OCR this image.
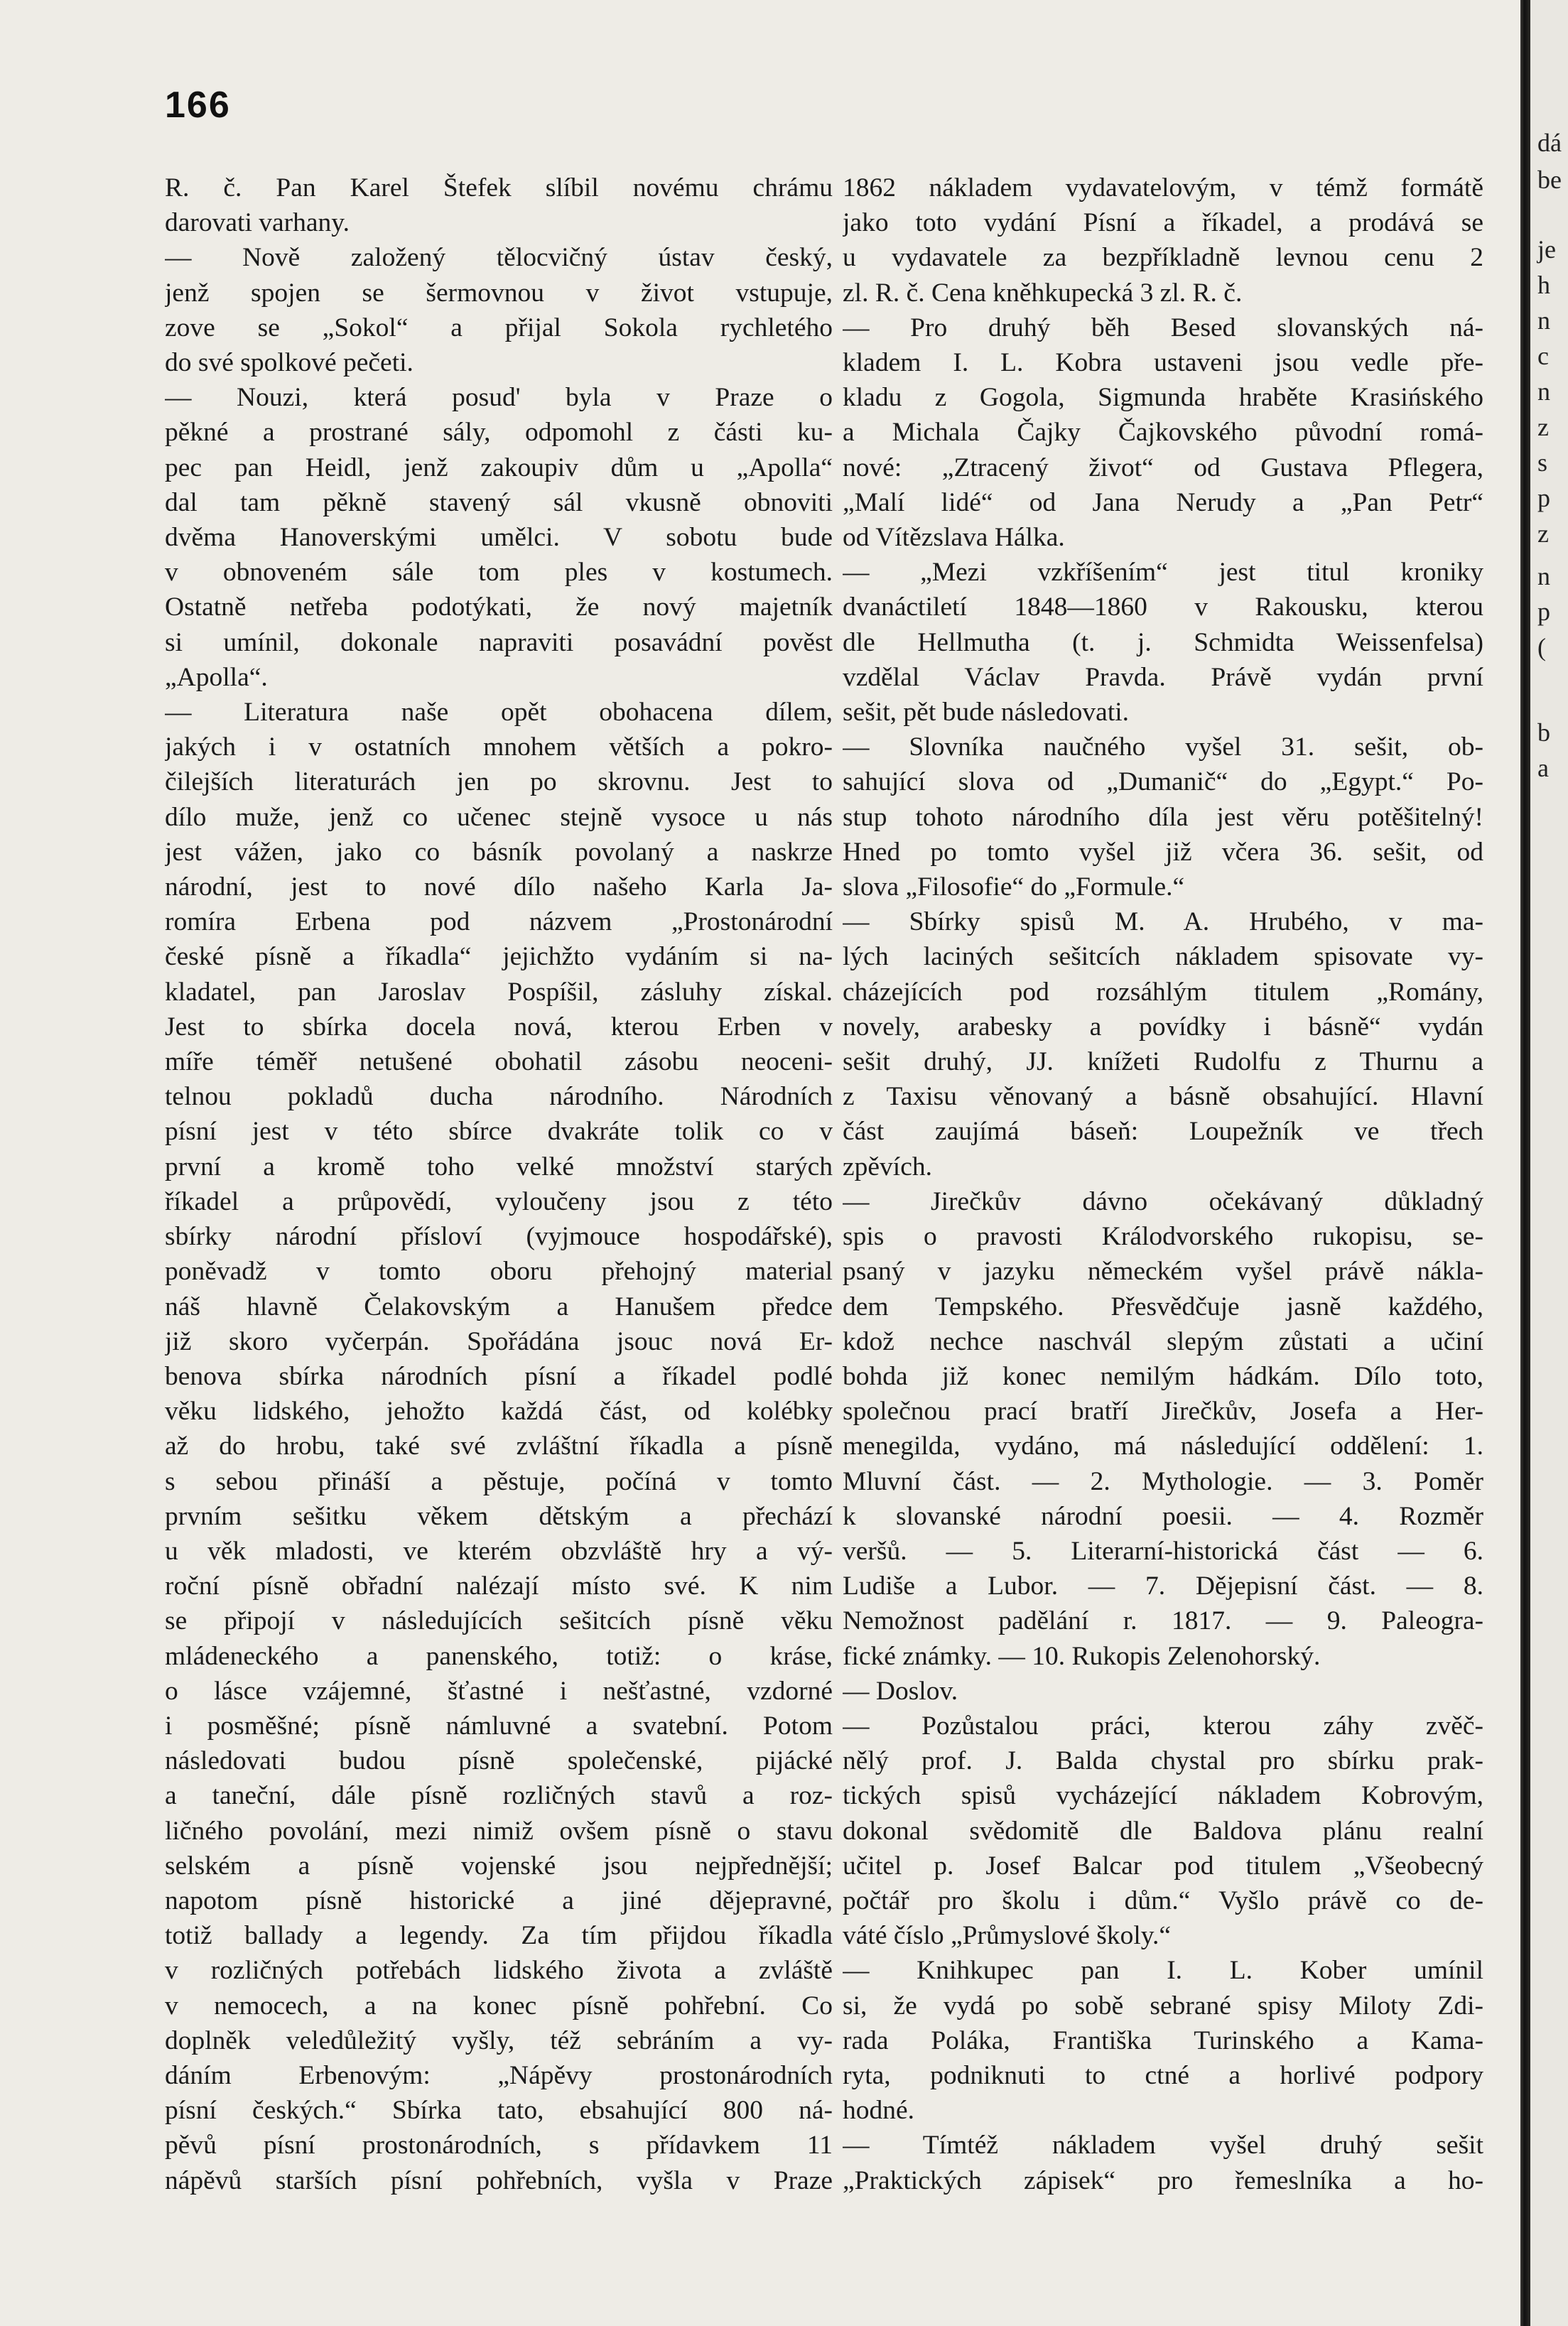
166
R. č. Pan Karel Štefek slíbil novému chrámu
darovati varhany.
— Nově založený tělocvičný ústav český,
jenž spojen se šermovnou v život vstupuje,
zove se „Sokol“ a přijal Sokola rychletého
do své spolkové pečeti.
— Nouzi, která posud' byla v Praze o
pěkné a prostrané sály, odpomohl z části ku-
pec pan Heidl, jenž zakoupiv dům u „Apolla“
dal tam pěkně stavený sál vkusně obnoviti
dvěma Hanoverskými umělci. V sobotu bude
v obnoveném sále tom ples v kostumech.
Ostatně netřeba podotýkati, že nový majetník
si umínil, dokonale napraviti posavádní pověst
„Apolla“.
— Literatura naše opět obohacena dílem,
jakých i v ostatních mnohem větších a pokro-
čilejších literaturách jen po skrovnu. Jest to
dílo muže, jenž co učenec stejně vysoce u nás
jest vážen, jako co básník povolaný a naskrze
národní, jest to nové dílo našeho Karla Ja-
romíra Erbena pod názvem „Prostonárodní
české písně a říkadla“ jejichžto vydáním si na-
kladatel, pan Jaroslav Pospíšil, zásluhy získal.
Jest to sbírka docela nová, kterou Erben v
míře téměř netušené obohatil zásobu neoceni-
telnou pokladů ducha národního. Národních
písní jest v této sbírce dvakráte tolik co v
první a kromě toho velké množství starých
říkadel a průpovědí, vyloučeny jsou z této
sbírky národní přísloví (vyjmouce hospodářské),
poněvadž v tomto oboru přehojný material
náš hlavně Čelakovským a Hanušem předce
již skoro vyčerpán. Spořádána jsouc nová Er-
benova sbírka národních písní a říkadel podlé
věku lidského, jehožto každá část, od kolébky
až do hrobu, také své zvláštní říkadla a písně
s sebou přináší a pěstuje, počíná v tomto
prvním sešitku věkem dětským a přechází
u věk mladosti, ve kterém obzvláště hry a vý-
roční písně obřadní nalézají místo své. K nim
se připojí v následujících sešitcích písně věku
mládeneckého a panenského, totiž: o kráse,
o lásce vzájemné, šťastné i nešťastné, vzdorné
i posměšné; písně námluvné a svatební. Potom
následovati budou písně společenské, pijácké
a taneční, dále písně rozličných stavů a roz-
ličného povolání, mezi nimiž ovšem písně o stavu
selském a písně vojenské jsou nejpřednější;
napotom písně historické a jiné dějepravné,
totiž ballady a legendy. Za tím přijdou říkadla
v rozličných potřebách lidského života a zvláště
v nemocech, a na konec písně pohřební. Co
doplněk veledůležitý vyšly, též sebráním a vy-
dáním Erbenovým: „Nápěvy prostonárodních
písní českých.“ Sbírka tato, ebsahující 800 ná-
pěvů písní prostonárodních, s přídavkem 11
nápěvů starších písní pohřebních, vyšla v Praze
1862 nákladem vydavatelovým, v témž formátě
jako toto vydání Písní a říkadel, a prodává se
u vydavatele za bezpříkladně levnou cenu 2
zl. R. č. Cena kněhkupecká 3 zl. R. č.
— Pro druhý běh Besed slovanských ná-
kladem I. L. Kobra ustaveni jsou vedle pře-
kladu z Gogola, Sigmunda hraběte Krasińského
a Michala Čajky Čajkovského původní romá-
nové: „Ztracený život“ od Gustava Pflegera,
„Malí lidé“ od Jana Nerudy a „Pan Petr“
od Vítězslava Hálka.
— „Mezi vzkříšením“ jest titul kroniky
dvanáctiletí 1848—1860 v Rakousku, kterou
dle Hellmutha (t. j. Schmidta Weissenfelsa)
vzdělal Václav Pravda. Právě vydán první
sešit, pět bude následovati.
— Slovníka naučného vyšel 31. sešit, ob-
sahující slova od „Dumanič“ do „Egypt.“ Po-
stup tohoto národního díla jest věru potěšitelný!
Hned po tomto vyšel již včera 36. sešit, od
slova „Filosofie“ do „Formule.“
— Sbírky spisů M. A. Hrubého, v ma-
lých laciných sešitcích nákladem spisovate vy-
cházejících pod rozsáhlým titulem „Romány,
novely, arabesky a povídky i básně“ vydán
sešit druhý, JJ. knížeti Rudolfu z Thurnu a
z Taxisu věnovaný a básně obsahující. Hlavní
část zaujímá báseň: Loupežník ve třech
zpěvích.
— Jirečkův dávno očekávaný důkladný
spis o pravosti Králodvorského rukopisu, se-
psaný v jazyku německém vyšel právě nákla-
dem Tempského. Přesvědčuje jasně každého,
kdož nechce naschvál slepým zůstati a učiní
bohda již konec nemilým hádkám. Dílo toto,
společnou prací bratří Jirečkův, Josefa a Her-
menegilda, vydáno, má následující oddělení: 1.
Mluvní část. — 2. Mythologie. — 3. Poměr
k slovanské národní poesii. — 4. Rozměr
veršů. — 5. Literarní-historická část — 6.
Ludiše a Lubor. — 7. Dějepisní část. — 8.
Nemožnost padělání r. 1817. — 9. Paleogra-
fické známky. — 10. Rukopis Zelenohorský.
— Doslov.
— Pozůstalou práci, kterou záhy zvěč-
nělý prof. J. Balda chystal pro sbírku prak-
tických spisů vycházející nákladem Kobrovým,
dokonal svědomitě dle Baldova plánu realní
učitel p. Josef Balcar pod titulem „Všeobecný
počtář pro školu i dům.“ Vyšlo právě co de-
váté číslo „Průmyslové školy.“
— Knihkupec pan I. L. Kober umínil
si, že vydá po sobě sebrané spisy Miloty Zdi-
rada Poláka, Františka Turinského a Kama-
ryta, podniknuti to ctné a horlivé podpory
hodné.
— Tímtéž nákladem vyšel druhý sešit
„Praktických zápisek“ pro řemeslníka a ho-
dá
be
je
h
n
c
n
z
s
p
z
n
p
(
b
a
